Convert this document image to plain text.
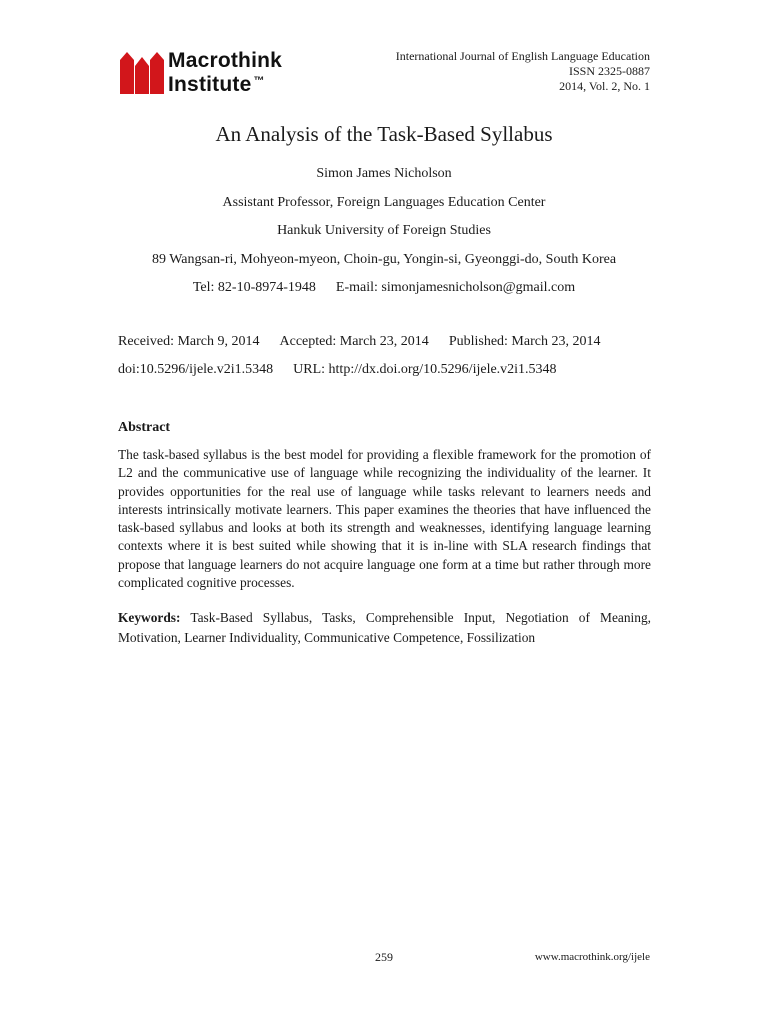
Macrothink
Institute ™
International Journal of English Language Education
ISSN 2325-0887
2014, Vol. 2, No. 1
An Analysis of the Task-Based Syllabus
Simon James Nicholson
Assistant Professor, Foreign Languages Education Center
Hankuk University of Foreign Studies
89 Wangsan-ri, Mohyeon-myeon, Choin-gu, Yongin-si, Gyeonggi-do, South Korea
Tel: 82-10-8974-1948 E-mail: simonjamesnicholson@gmail.com
Received: March 9, 2014 Accepted: March 23, 2014 Published: March 23, 2014
doi:10.5296/ijele.v2i1.5348 URL: http://dx.doi.org/10.5296/ijele.v2i1.5348
Abstract
The task-based syllabus is the best model for providing a flexible framework for the promotion of L2 and the communicative use of language while recognizing the individuality of the learner. It provides opportunities for the real use of language while tasks relevant to learners needs and interests intrinsically motivate learners. This paper examines the theories that have influenced the task-based syllabus and looks at both its strength and weaknesses, identifying language learning contexts where it is best suited while showing that it is in-line with SLA research findings that propose that language learners do not acquire language one form at a time but rather through more complicated cognitive processes.
Keywords: Task-Based Syllabus, Tasks, Comprehensible Input, Negotiation of Meaning, Motivation, Learner Individuality, Communicative Competence, Fossilization
259	www.macrothink.org/ijele
